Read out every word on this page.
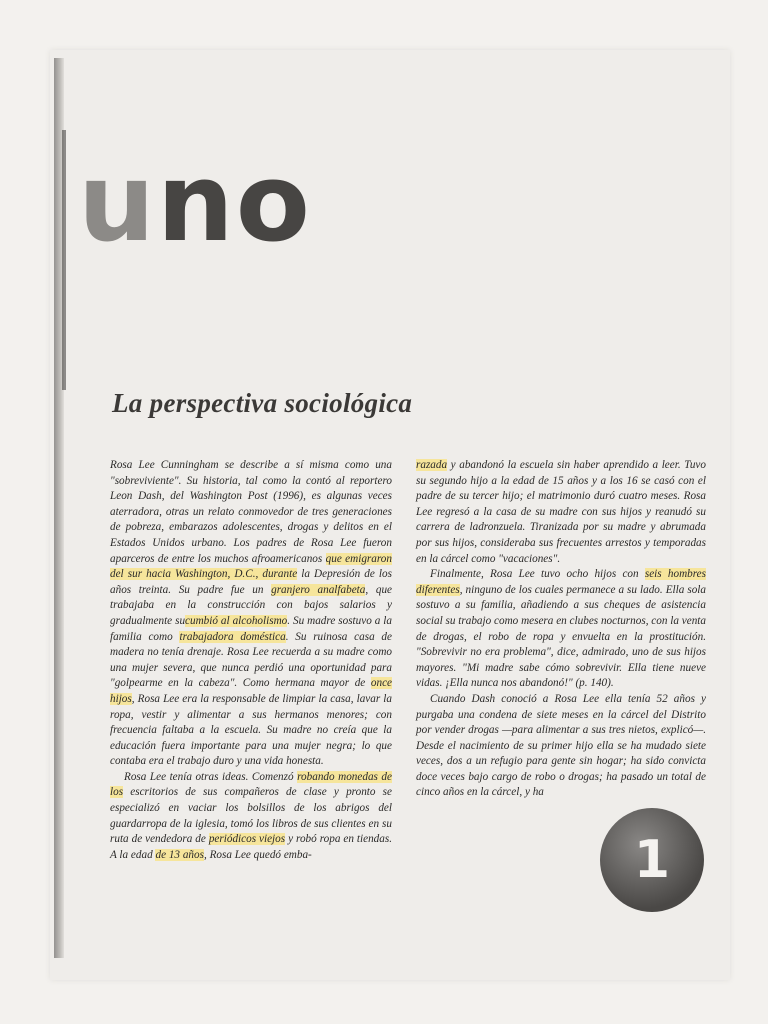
uno
La perspectiva sociológica

Rosa Lee Cunningham se describe a sí misma como una "sobreviviente". Su historia, tal como la contó al reportero Leon Dash, del Washington Post (1996), es algunas veces aterradora, otras un relato conmovedor de tres generaciones de pobreza, embarazos adolescentes, drogas y delitos en el Estados Unidos urbano. Los padres de Rosa Lee fueron aparceros de entre los muchos afroamericanos que emigraron del sur hacia Washington, D.C., durante la Depresión de los años treinta. Su padre fue un granjero analfabeta, que trabajaba en la construcción con bajos salarios y gradualmente sucumbió al alcoholismo. Su madre sostuvo a la familia como trabajadora doméstica. Su ruinosa casa de madera no tenía drenaje. Rosa Lee recuerda a su madre como una mujer severa, que nunca perdió una oportunidad para "golpearme en la cabeza". Como hermana mayor de once hijos, Rosa Lee era la responsable de limpiar la casa, lavar la ropa, vestir y alimentar a sus hermanos menores; con frecuencia faltaba a la escuela. Su madre no creía que la educación fuera importante para una mujer negra; lo que contaba era el trabajo duro y una vida honesta.

Rosa Lee tenía otras ideas. Comenzó robando monedas de los escritorios de sus compañeros de clase y pronto se especializó en vaciar los bolsillos de los abrigos del guardarropa de la iglesia, tomó los libros de sus clientes en su ruta de vendedora de periódicos viejos y robó ropa en tiendas. A la edad de 13 años, Rosa Lee quedó emba-

razada y abandonó la escuela sin haber aprendido a leer. Tuvo su segundo hijo a la edad de 15 años y a los 16 se casó con el padre de su tercer hijo; el matrimonio duró cuatro meses. Rosa Lee regresó a la casa de su madre con sus hijos y reanudó su carrera de ladronzuela. Tiranizada por su madre y abrumada por sus hijos, consideraba sus frecuentes arrestos y temporadas en la cárcel como "vacaciones".

Finalmente, Rosa Lee tuvo ocho hijos con seis hombres diferentes, ninguno de los cuales permanece a su lado. Ella sola sostuvo a su familia, añadiendo a sus cheques de asistencia social su trabajo como mesera en clubes nocturnos, con la venta de drogas, el robo de ropa y envuelta en la prostitución. "Sobrevivir no era problema", dice, admirado, uno de sus hijos mayores. "Mi madre sabe cómo sobrevivir. Ella tiene nueve vidas. ¡Ella nunca nos abandonó!" (p. 140).

Cuando Dash conoció a Rosa Lee ella tenía 52 años y purgaba una condena de siete meses en la cárcel del Distrito por vender drogas —para alimentar a sus tres nietos, explicó—. Desde el nacimiento de su primer hijo ella se ha mudado siete veces, dos a un refugio para gente sin hogar; ha sido convicta doce veces bajo cargo de robo o drogas; ha pasado un total de cinco años en la cárcel, y ha

1
